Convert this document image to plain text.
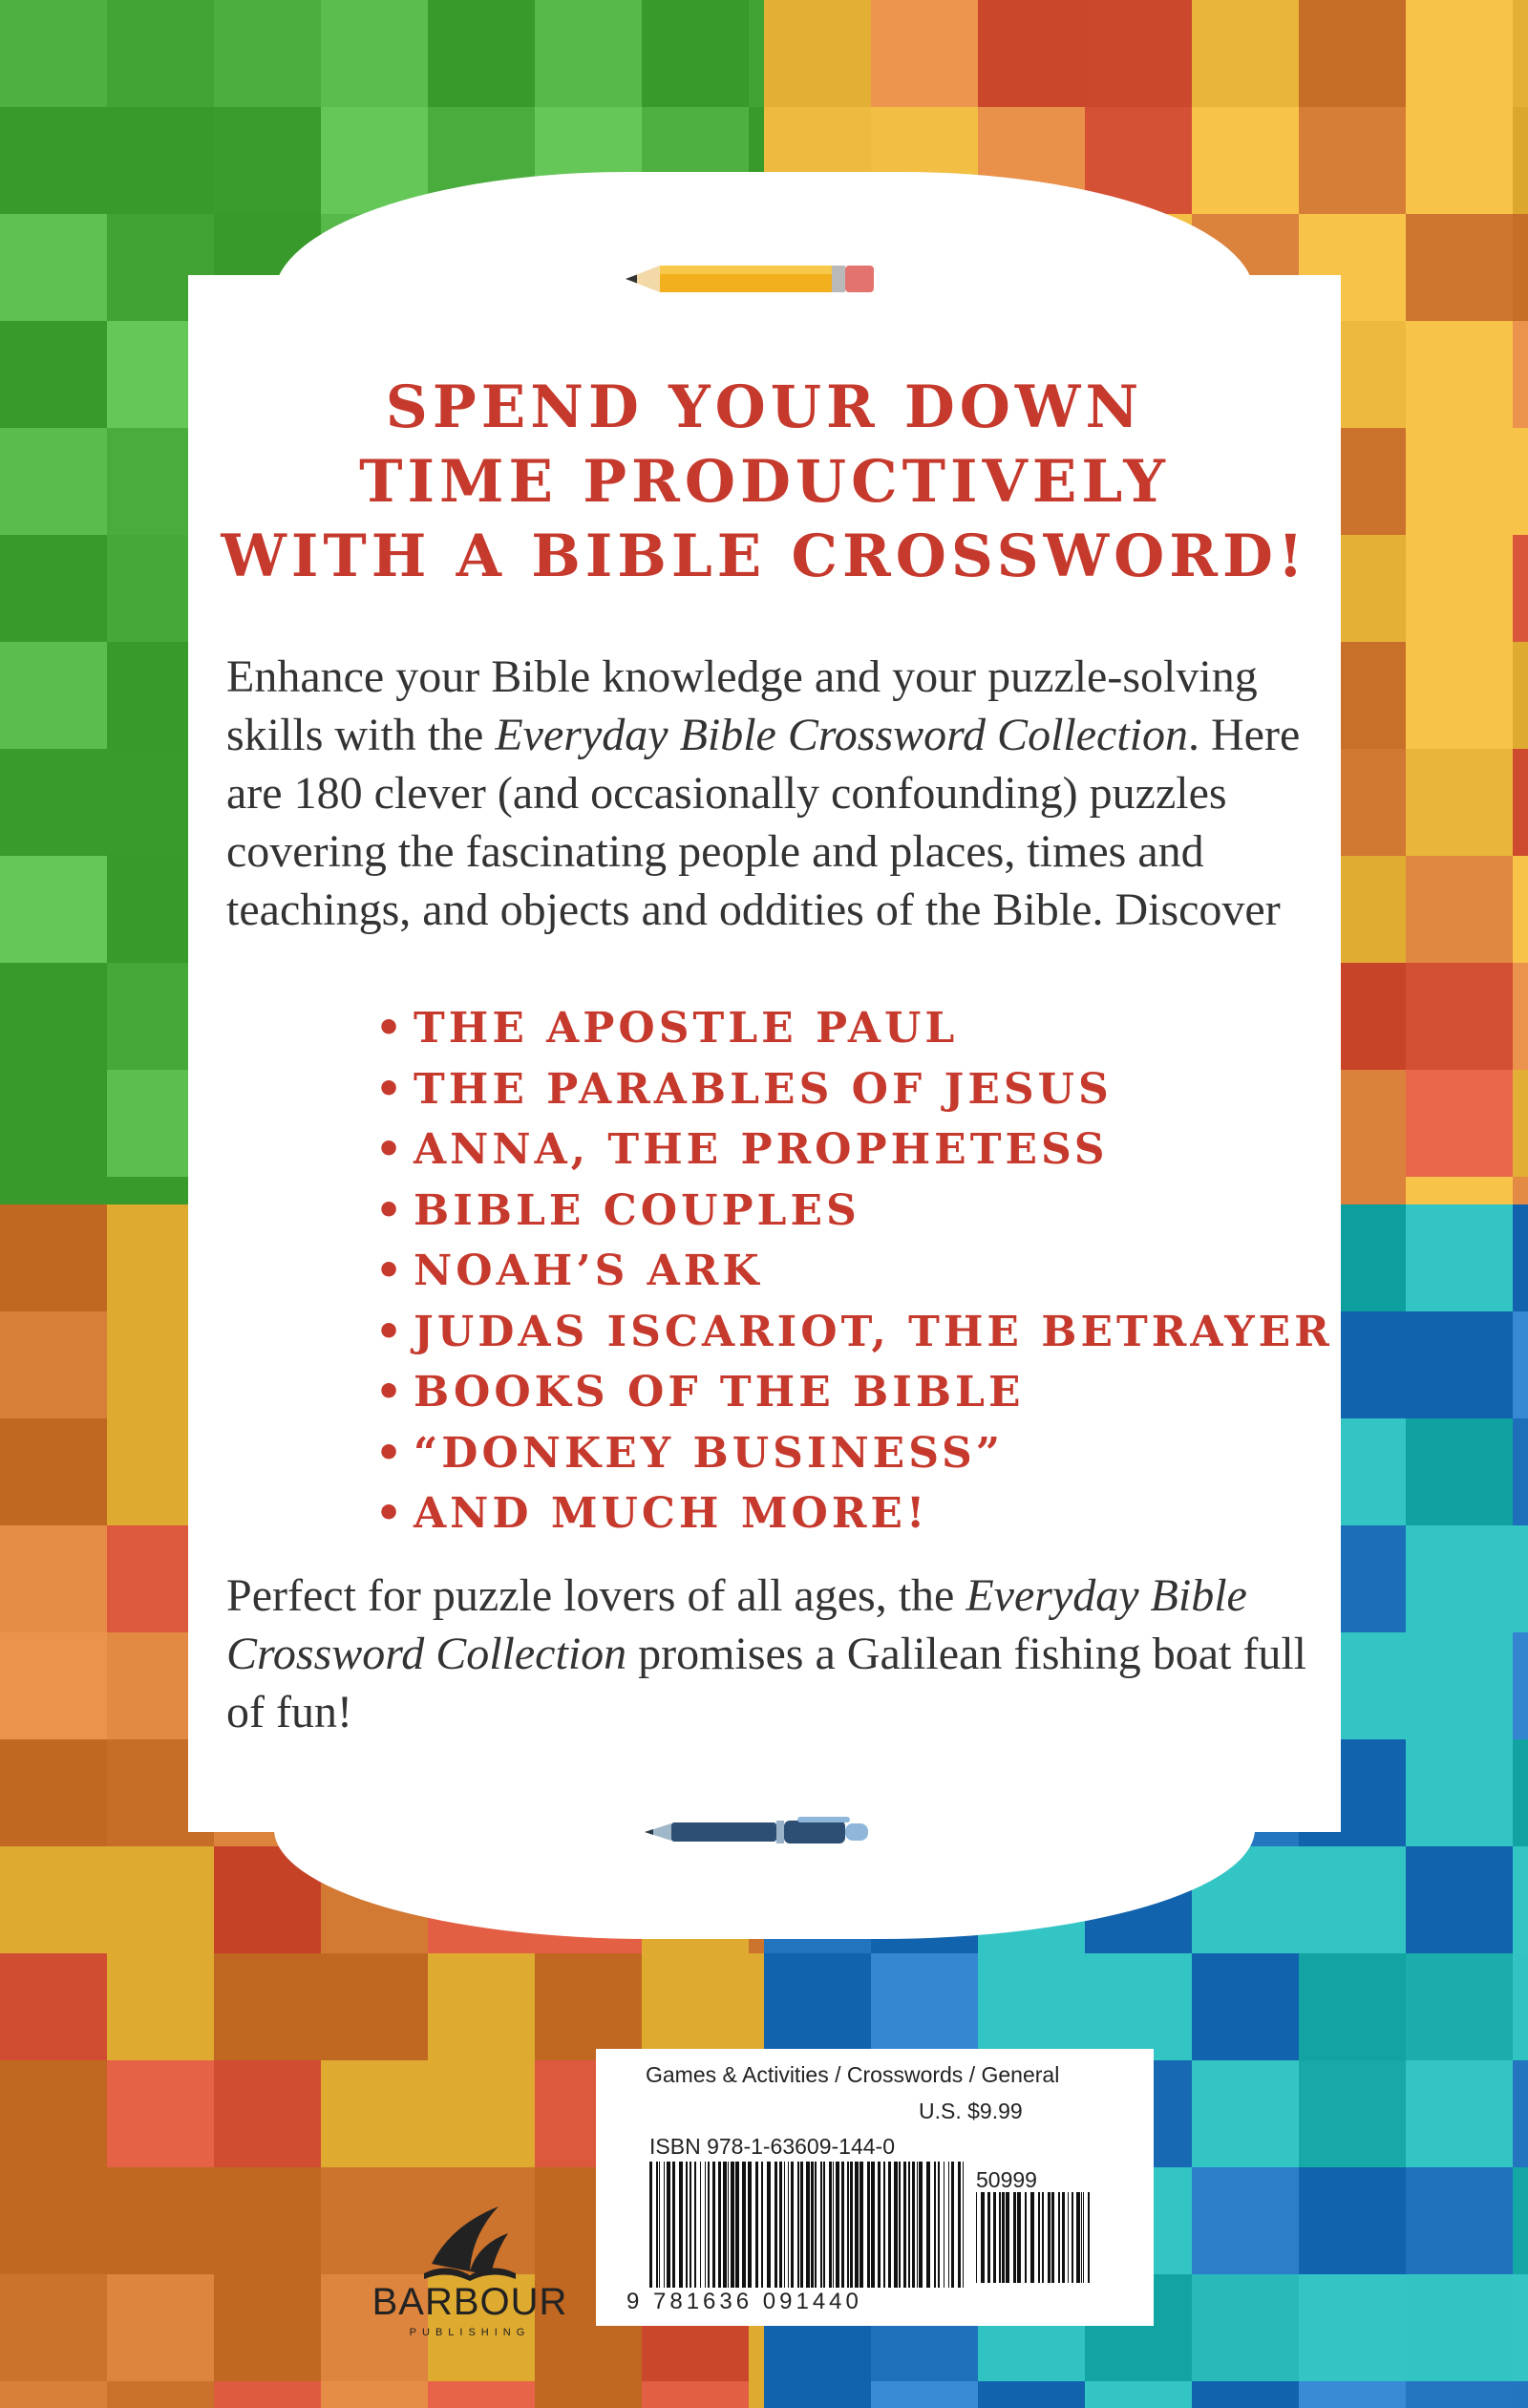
SPEND YOUR DOWN
TIME PRODUCTIVELY
WITH A BIBLE CROSSWORD!
Enhance your Bible knowledge and your puzzle-solving skills with the Everyday Bible Crossword Collection. Here are 180 clever (and occasionally confounding) puzzles covering the fascinating people and places, times and teachings, and objects and oddities of the Bible. Discover
• THE APOSTLE PAUL
• THE PARABLES OF JESUS
• ANNA, THE PROPHETESS
• BIBLE COUPLES
• NOAH’S ARK
• JUDAS ISCARIOT, THE BETRAYER
• BOOKS OF THE BIBLE
• “DONKEY BUSINESS”
• AND MUCH MORE!
Perfect for puzzle lovers of all ages, the Everyday Bible Crossword Collection promises a Galilean fishing boat full of fun!
Games & Activities / Crosswords / General
U.S. $9.99
ISBN 978-1-63609-144-0
50999
9 781636 091440
BARBOUR
PUBLISHING
